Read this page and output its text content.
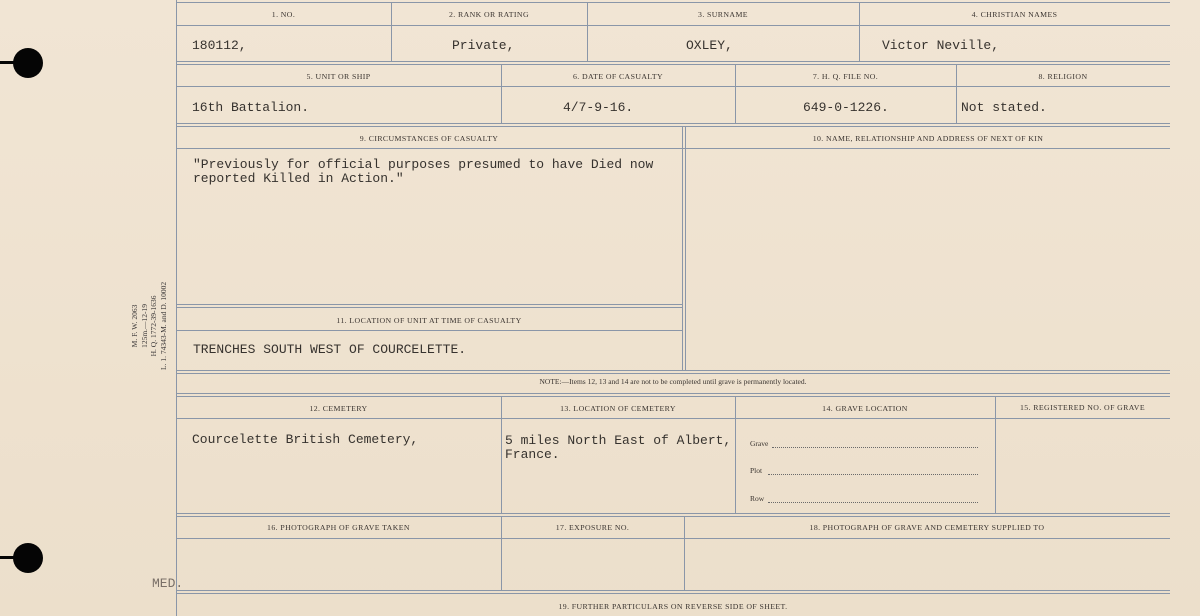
M. F. W. 2063 125m.—12-19 H. Q. 1772-39-1636 L. 1. 74343-M. and D. 10002
1. NO.	2. RANK OR RATING	3. SURNAME	4. CHRISTIAN NAMES
180112,	Private,	OXLEY,	Victor Neville,
5. UNIT OR SHIP	6. DATE OF CASUALTY	7. H. Q. FILE NO.	8. RELIGION
16th Battalion.	4/7-9-16.	649-0-1226.	Not stated.
9. CIRCUMSTANCES OF CASUALTY	10. NAME, RELATIONSHIP AND ADDRESS OF NEXT OF KIN
"Previously for official purposes presumed to have Died now
reported Killed in Action."
11. LOCATION OF UNIT AT TIME OF CASUALTY
TRENCHES SOUTH WEST OF COURCELETTE.
NOTE:—Items 12, 13 and 14 are not to be completed until grave is permanently located.
12. CEMETERY	13. LOCATION OF CEMETERY	14. GRAVE LOCATION	15. REGISTERED NO. OF GRAVE
Courcelette British Cemetery,	5 miles North East of Albert,
France.
Grave
Plot
Row
16. PHOTOGRAPH OF GRAVE TAKEN	17. EXPOSURE NO.	18. PHOTOGRAPH OF GRAVE AND CEMETERY SUPPLIED TO
MED.
19. FURTHER PARTICULARS ON REVERSE SIDE OF SHEET.
